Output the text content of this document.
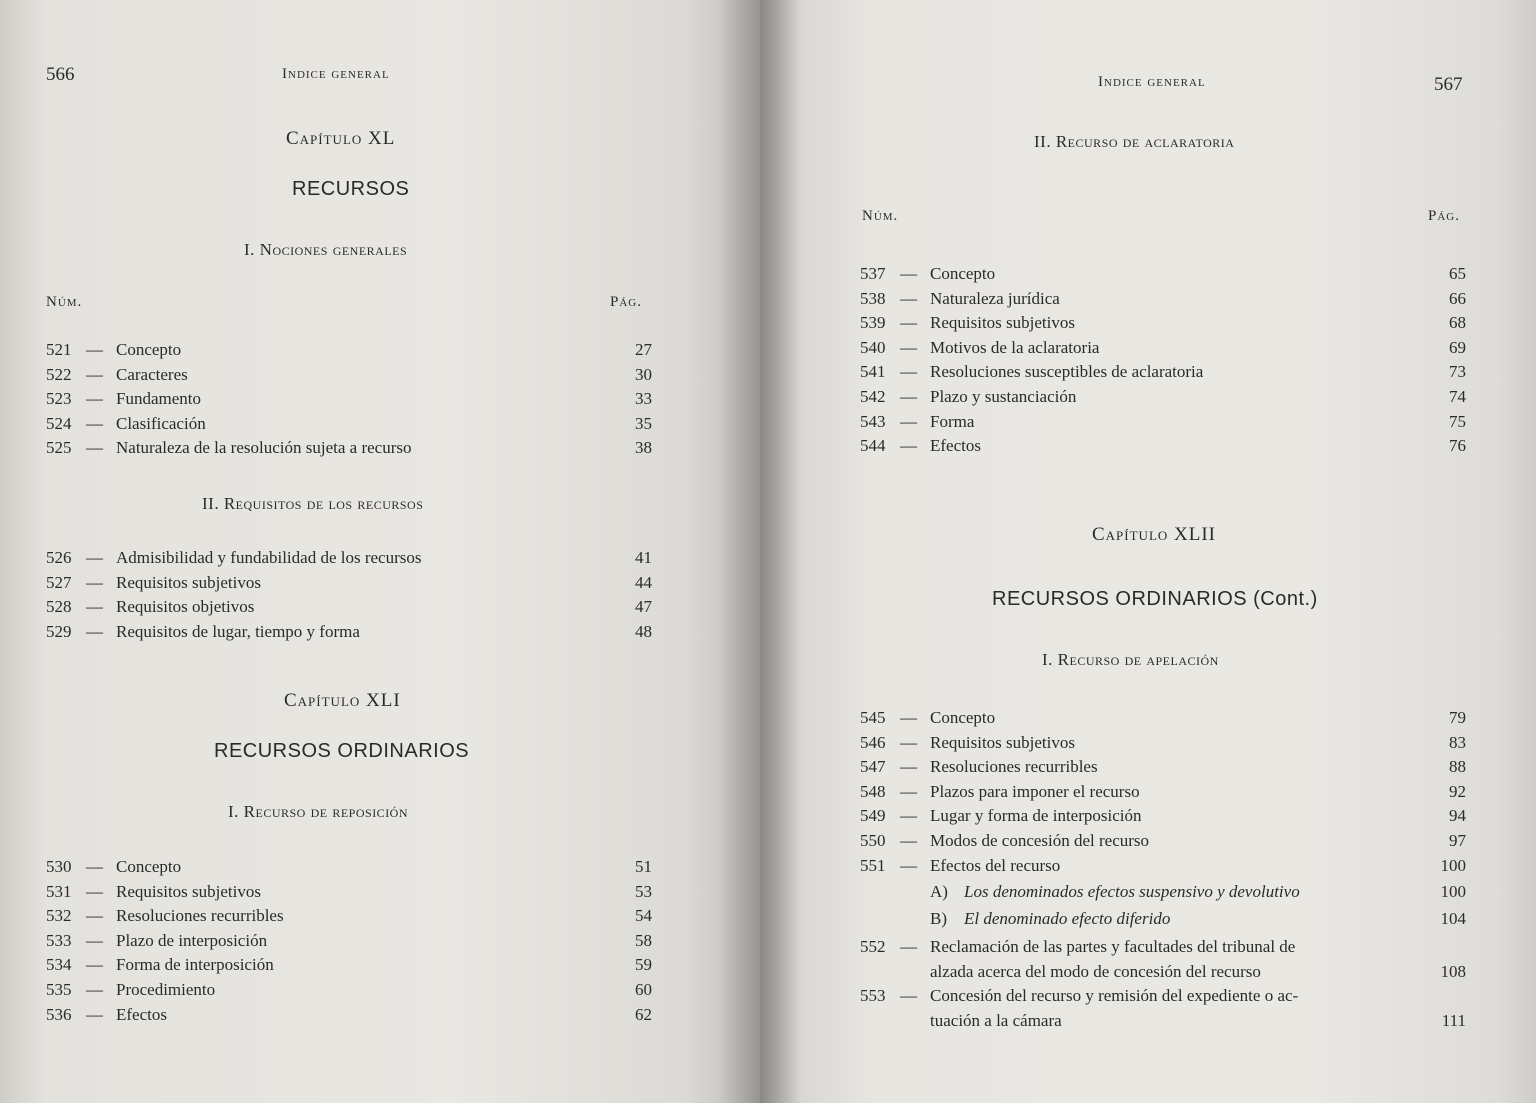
566	Indice general
Capítulo XL
RECURSOS
I. Nociones generales
Núm.	Pág.
521 — Concepto	27
522 — Caracteres	30
523 — Fundamento	33
524 — Clasificación	35
525 — Naturaleza de la resolución sujeta a recurso	38
II. Requisitos de los recursos
526 — Admisibilidad y fundabilidad de los recursos	41
527 — Requisitos subjetivos	44
528 — Requisitos objetivos	47
529 — Requisitos de lugar, tiempo y forma	48
Capítulo XLI
RECURSOS ORDINARIOS
I. Recurso de reposición
530 — Concepto	51
531 — Requisitos subjetivos	53
532 — Resoluciones recurribles	54
533 — Plazo de interposición	58
534 — Forma de interposición	59
535 — Procedimiento	60
536 — Efectos	62
Indice general	567
II. Recurso de aclaratoria
Núm.	Pág.
537 — Concepto	65
538 — Naturaleza jurídica	66
539 — Requisitos subjetivos	68
540 — Motivos de la aclaratoria	69
541 — Resoluciones susceptibles de aclaratoria	73
542 — Plazo y sustanciación	74
543 — Forma	75
544 — Efectos	76
Capítulo XLII
RECURSOS ORDINARIOS (Cont.)
I. Recurso de apelación
545 — Concepto	79
546 — Requisitos subjetivos	83
547 — Resoluciones recurribles	88
548 — Plazos para imponer el recurso	92
549 — Lugar y forma de interposición	94
550 — Modos de concesión del recurso	97
551 — Efectos del recurso	100
A) Los denominados efectos suspensivo y devolutivo	100
B) El denominado efecto diferido	104
552 — Reclamación de las partes y facultades del tribunal de
alzada acerca del modo de concesión del recurso	108
553 — Concesión del recurso y remisión del expediente o ac-
tuación a la cámara	111
